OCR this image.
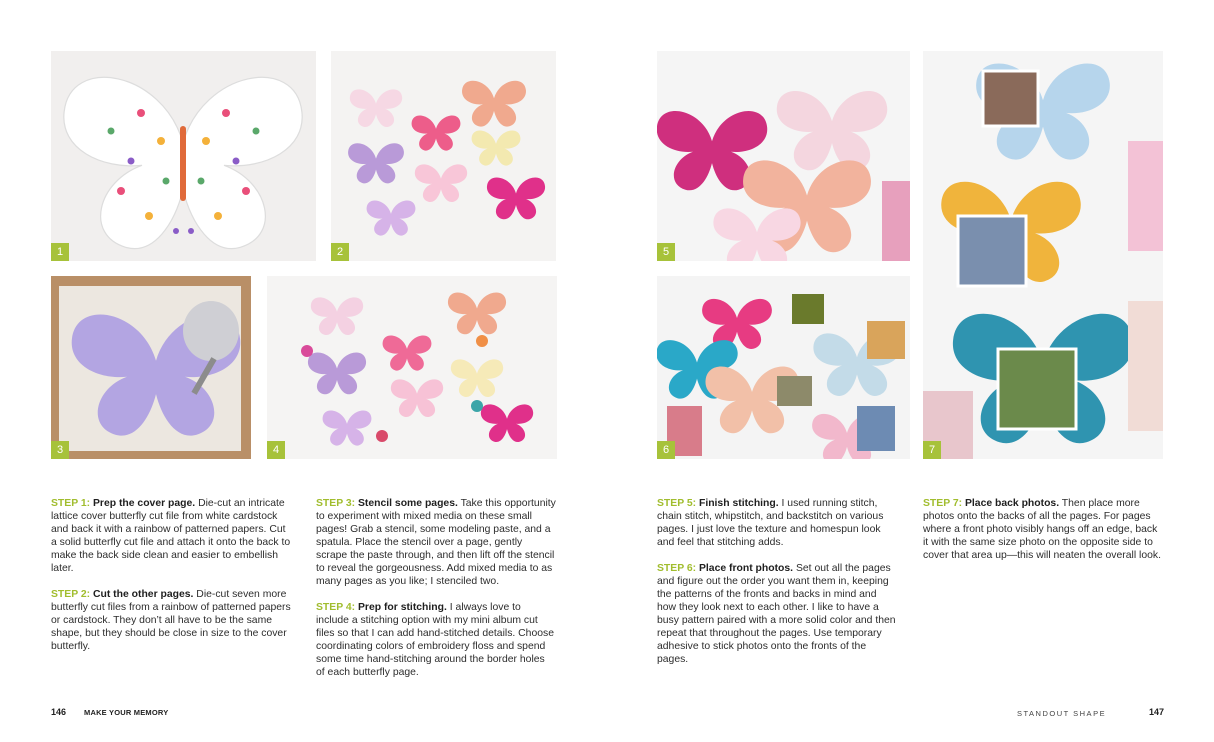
1	2
3	4
5
6	7

STEP 1: Prep the cover page. Die-cut an intricate lattice cover butterfly cut file from white cardstock and back it with a rainbow of patterned papers. Cut a solid butterfly cut file and attach it onto the back to make the back side clean and easier to embellish later.

STEP 2: Cut the other pages. Die-cut seven more butterfly cut files from a rainbow of patterned papers or cardstock. They don’t all have to be the same shape, but they should be close in size to the cover butterfly.

STEP 3: Stencil some pages. Take this opportunity to experiment with mixed media on these small pages! Grab a stencil, some modeling paste, and a spatula. Place the stencil over a page, gently scrape the paste through, and then lift off the stencil to reveal the gorgeousness. Add mixed media to as many pages as you like; I stenciled two.

STEP 4: Prep for stitching. I always love to include a stitching option with my mini album cut files so that I can add hand-stitched details. Choose coordinating colors of embroidery floss and spend some time hand-stitching around the border holes of each butterfly page.

STEP 5: Finish stitching. I used running stitch, chain stitch, whipstitch, and backstitch on various pages. I just love the texture and homespun look and feel that stitching adds.

STEP 6: Place front photos. Set out all the pages and figure out the order you want them in, keeping the patterns of the fronts and backs in mind and how they look next to each other. I like to have a busy pattern paired with a more solid color and then repeat that throughout the pages. Use temporary adhesive to stick photos onto the fronts of the pages.

STEP 7: Place back photos. Then place more photos onto the backs of all the pages. For pages where a front photo visibly hangs off an edge, back it with the same size photo on the opposite side to cover that area up—this will neaten the overall look.

146 MAKE YOUR MEMORY	STANDOUT SHAPE	147
